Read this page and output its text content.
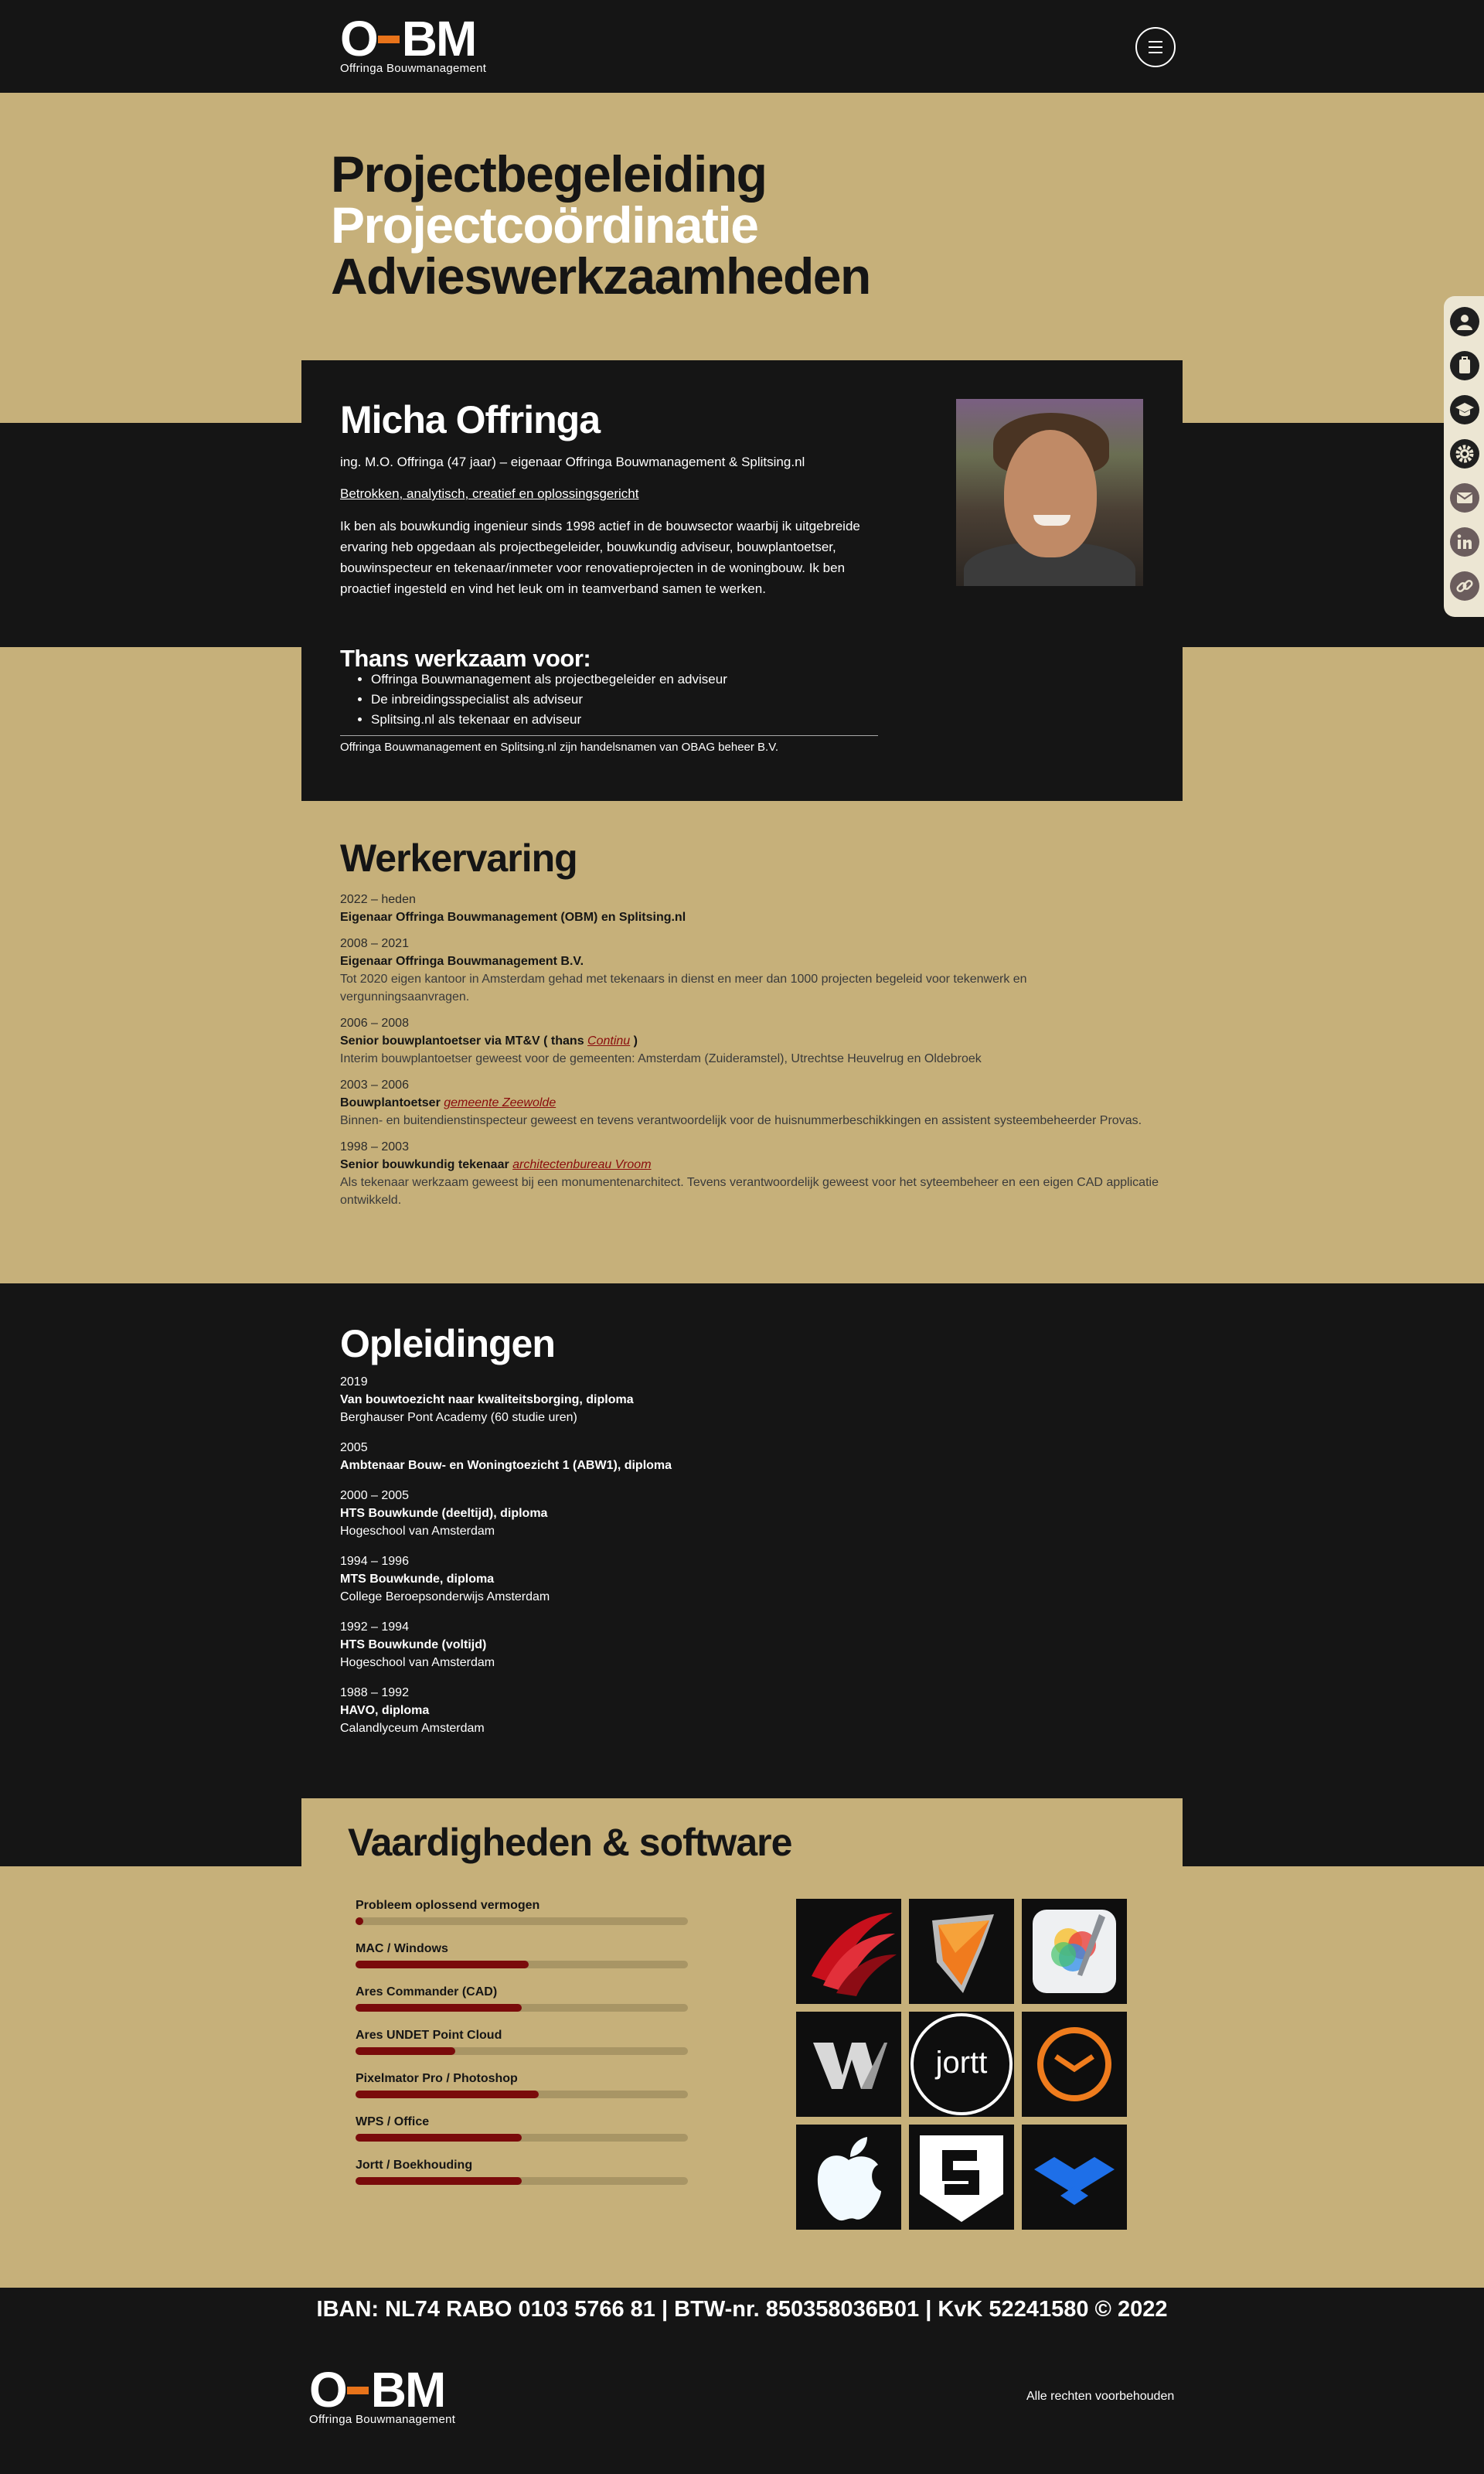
O BM
Offringa Bouwmanagement
Projectbegeleiding
Projectcoördinatie
Advieswerkzaamheden
Micha Offringa
ing. M.O. Offringa (47 jaar) – eigenaar Offringa Bouwmanagement & Splitsing.nl
Betrokken, analytisch, creatief en oplossingsgericht
Ik ben als bouwkundig ingenieur sinds 1998 actief in de bouwsector waarbij ik uitgebreide ervaring heb opgedaan als projectbegeleider, bouwkundig adviseur, bouwplantoetser, bouwinspecteur en tekenaar/inmeter voor renovatieprojecten in de woningbouw. Ik ben proactief ingesteld en vind het leuk om in teamverband samen te werken.
Thans werkzaam voor:
• Offringa Bouwmanagement als projectbegeleider en adviseur
• De inbreidingsspecialist als adviseur
• Splitsing.nl als tekenaar en adviseur
Offringa Bouwmanagement en Splitsing.nl zijn handelsnamen van OBAG beheer B.V.
Werkervaring
2022 – heden
Eigenaar Offringa Bouwmanagement (OBM) en Splitsing.nl
2008 – 2021
Eigenaar Offringa Bouwmanagement B.V.
Tot 2020 eigen kantoor in Amsterdam gehad met tekenaars in dienst en meer dan 1000 projecten begeleid voor tekenwerk en vergunningsaanvragen.
2006 – 2008
Senior bouwplantoetser via MT&V ( thans Continu )
Interim bouwplantoetser geweest voor de gemeenten: Amsterdam (Zuideramstel), Utrechtse Heuvelrug en Oldebroek
2003 – 2006
Bouwplantoetser gemeente Zeewolde
Binnen- en buitendienstinspecteur geweest en tevens verantwoordelijk voor de huisnummerbeschikkingen en assistent systeembeheerder Provas.
1998 – 2003
Senior bouwkundig tekenaar architectenbureau Vroom
Als tekenaar werkzaam geweest bij een monumentenarchitect. Tevens verantwoordelijk geweest voor het syteembeheer en een eigen CAD applicatie ontwikkeld.
Opleidingen
2019
Van bouwtoezicht naar kwaliteitsborging, diploma
Berghauser Pont Academy (60 studie uren)
2005
Ambtenaar Bouw- en Woningtoezicht 1 (ABW1), diploma
2000 – 2005
HTS Bouwkunde (deeltijd), diploma
Hogeschool van Amsterdam
1994 – 1996
MTS Bouwkunde, diploma
College Beroepsonderwijs Amsterdam
1992 – 1994
HTS Bouwkunde (voltijd)
Hogeschool van Amsterdam
1988 – 1992
HAVO, diploma
Calandlyceum Amsterdam
Vaardigheden & software
Probleem oplossend vermogen
MAC / Windows
Ares Commander (CAD)
Ares UNDET Point Cloud
Pixelmator Pro / Photoshop
WPS / Office
Jortt / Boekhouding
jortt
IBAN: NL74 RABO 0103 5766 81 | BTW-nr. 850358036B01 | KvK 52241580 © 2022
O BM
Offringa Bouwmanagement
Alle rechten voorbehouden
